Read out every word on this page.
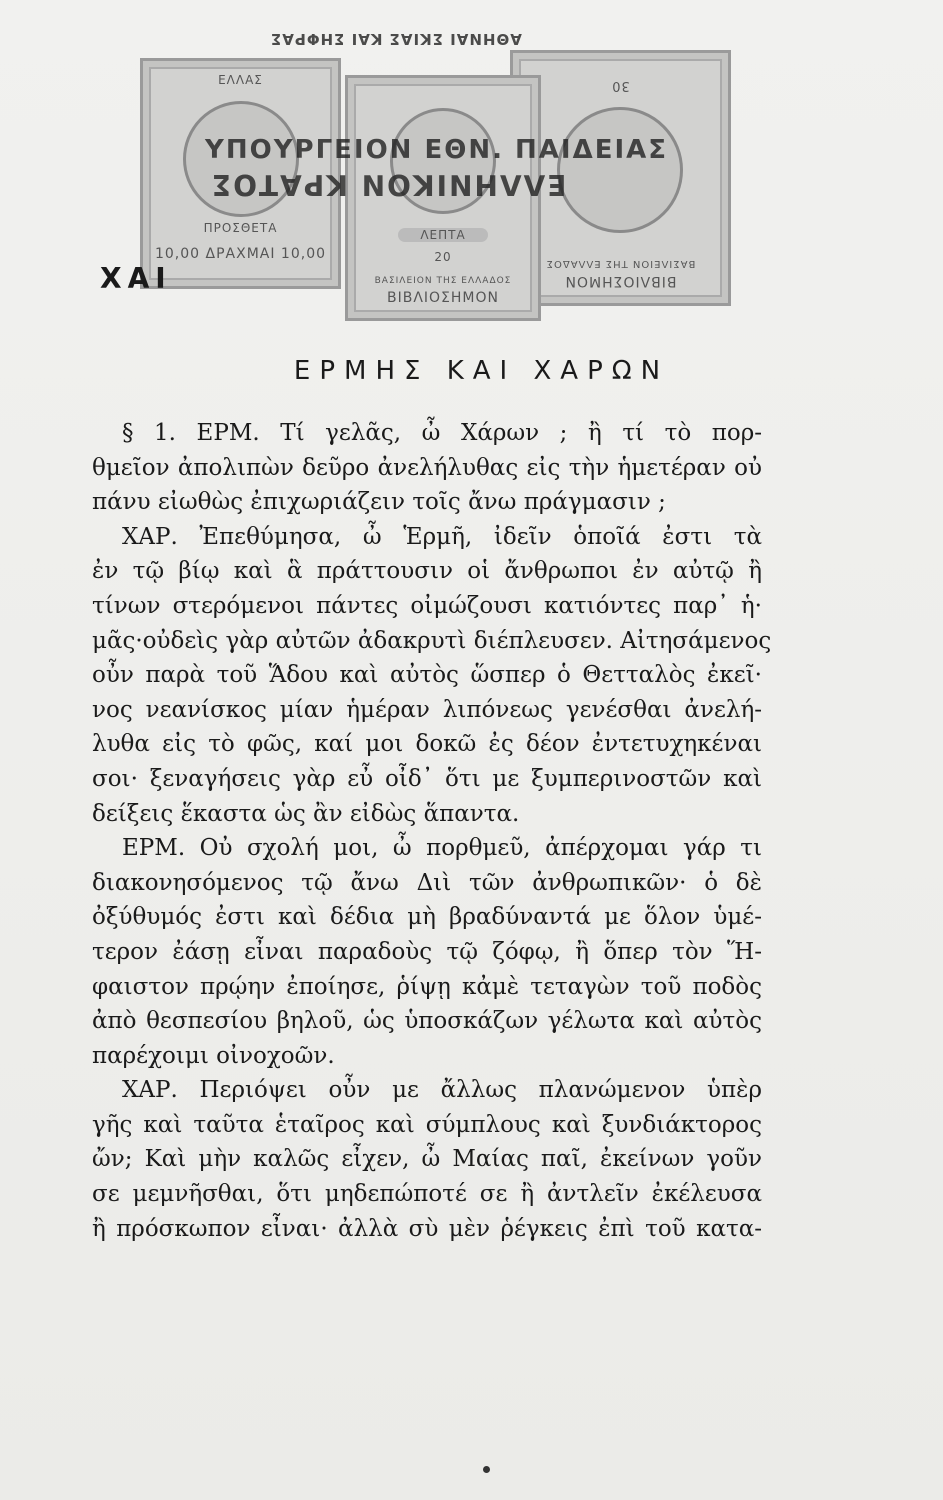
ΕΛΛΑΣ
ΠΡΟΣΘΕΤΑ
10,00 ΔΡΑΧΜΑΙ 10,00
ΒΙΒΛΙΟΣΗΜΟΝ
ΒΑΣΙΛΕΙΟΝ ΤΗΣ ΕΛΛΑΔΟΣ
30
ΛΕΠΤΑ
20
ΒΑΣΙΛΕΙΟΝ ΤΗΣ ΕΛΛΑΔΟΣ
ΒΙΒΛΙΟΣΗΜΟΝ
ΑΘΗΝΑΙ ΣΚΙΑΣ ΚΑΙ ΣΗΦΡΑΣ
ΥΠΟΥΡΓΕΙΟΝ ΕΘΝ. ΠΑΙΔΕΙΑΣ
ΕΛΛΗΝΙΚΟΝ ΚΡΑΤΟΣ
ΧΑΙ
ΕΡΜΗΣ ΚΑΙ ΧΑΡΩΝ
§ 1. ΕΡΜ. Τί γελᾶς, ὦ Χάρων ; ἢ τί τὸ πορ-
θμεῖον ἀπολιπὼν δεῦρο ἀνελήλυθας εἰς τὴν ἡμετέραν οὐ
πάνυ εἰωθὼς ἐπιχωριάζειν τοῖς ἄνω πράγμασιν ;
ΧΑΡ. Ἐπεθύμησα, ὦ Ἑρμῆ, ἰδεῖν ὁποῖά ἐστι τὰ
ἐν τῷ βίῳ καὶ ἃ πράττουσιν οἱ ἄνθρωποι ἐν αὐτῷ ἢ
τίνων στερόμενοι πάντες οἰμώζουσι κατιόντες παρ᾽ ἡ·
μᾶς·οὐδεὶς γὰρ αὐτῶν ἀδακρυτὶ διέπλευσεν. Αἰτησάμενος
οὖν παρὰ τοῦ Ἅδου καὶ αὐτὸς ὥσπερ ὁ Θετταλὸς ἐκεῖ·
νος νεανίσκος μίαν ἡμέραν λιπόνεως γενέσθαι ἀνελή-
λυθα εἰς τὸ φῶς, καί μοι δοκῶ ἐς δέον ἐντετυχηκέναι
σοι· ξεναγήσεις γὰρ εὖ οἶδ᾽ ὅτι με ξυμπερινοστῶν καὶ
δείξεις ἕκαστα ὡς ἂν εἰδὼς ἅπαντα.
ΕΡΜ. Οὐ σχολή μοι, ὦ πορθμεῦ, ἀπέρχομαι γάρ τι
διακονησόμενος τῷ ἄνω Διὶ τῶν ἀνθρωπικῶν· ὁ δὲ
ὀξύθυμός ἐστι καὶ δέδια μὴ βραδύναντά με ὅλον ὑμέ-
τερον ἐάσῃ εἶναι παραδοὺς τῷ ζόφῳ, ἢ ὅπερ τὸν Ἥ-
φαιστον πρῴην ἐποίησε, ῥίψῃ κἀμὲ τεταγὼν τοῦ ποδὸς
ἀπὸ θεσπεσίου βηλοῦ, ὡς ὑποσκάζων γέλωτα καὶ αὐτὸς
παρέχοιμι οἰνοχοῶν.
ΧΑΡ. Περιόψει οὖν με ἄλλως πλανώμενον ὑπὲρ
γῆς καὶ ταῦτα ἑταῖρος καὶ σύμπλους καὶ ξυνδιάκτορος
ὤν; Καὶ μὴν καλῶς εἶχεν, ὦ Μαίας παῖ, ἐκείνων γοῦν
σε μεμνῆσθαι, ὅτι μηδεπώποτέ σε ἢ ἀντλεῖν ἐκέλευσα
ἢ πρόσκωπον εἶναι· ἀλλὰ σὺ μὲν ῥέγκεις ἐπὶ τοῦ κατα-
